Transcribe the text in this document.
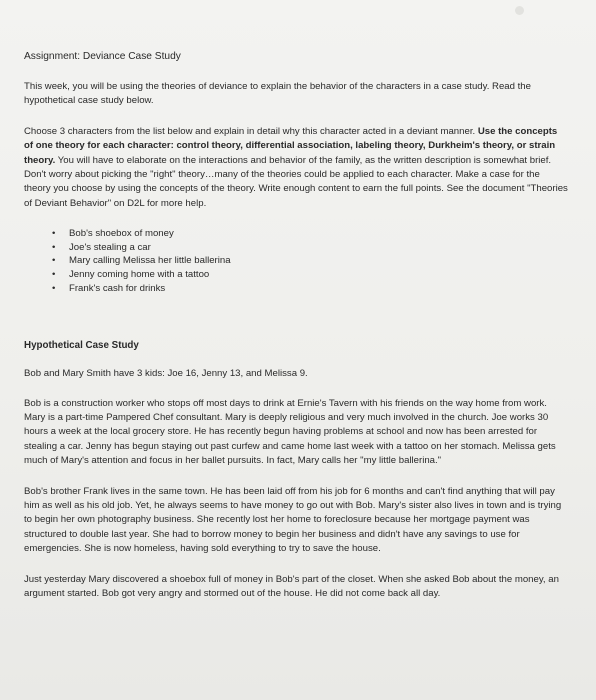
Assignment: Deviance Case Study

This week, you will be using the theories of deviance to explain the behavior of the characters in a case study. Read the hypothetical case study below.

Choose 3 characters from the list below and explain in detail why this character acted in a deviant manner. Use the concepts of one theory for each character: control theory, differential association, labeling theory, Durkheim's theory, or strain theory. You will have to elaborate on the interactions and behavior of the family, as the written description is somewhat brief. Don't worry about picking the "right" theory…many of the theories could be applied to each character. Make a case for the theory you choose by using the concepts of the theory. Write enough content to earn the full points. See the document "Theories of Deviant Behavior" on D2L for more help.

• Bob's shoebox of money
• Joe's stealing a car
• Mary calling Melissa her little ballerina
• Jenny coming home with a tattoo
• Frank's cash for drinks
Hypothetical Case Study

Bob and Mary Smith have 3 kids: Joe 16, Jenny 13, and Melissa 9.

Bob is a construction worker who stops off most days to drink at Ernie's Tavern with his friends on the way home from work. Mary is a part-time Pampered Chef consultant. Mary is deeply religious and very much involved in the church. Joe works 30 hours a week at the local grocery store. He has recently begun having problems at school and now has been arrested for stealing a car. Jenny has begun staying out past curfew and came home last week with a tattoo on her stomach. Melissa gets much of Mary's attention and focus in her ballet pursuits. In fact, Mary calls her "my little ballerina."

Bob's brother Frank lives in the same town. He has been laid off from his job for 6 months and can't find anything that will pay him as well as his old job. Yet, he always seems to have money to go out with Bob. Mary's sister also lives in town and is trying to begin her own photography business. She recently lost her home to foreclosure because her mortgage payment was structured to double last year. She had to borrow money to begin her business and didn't have any savings to use for emergencies. She is now homeless, having sold everything to try to save the house.

Just yesterday Mary discovered a shoebox full of money in Bob's part of the closet. When she asked Bob about the money, an argument started. Bob got very angry and stormed out of the house. He did not come back all day.
